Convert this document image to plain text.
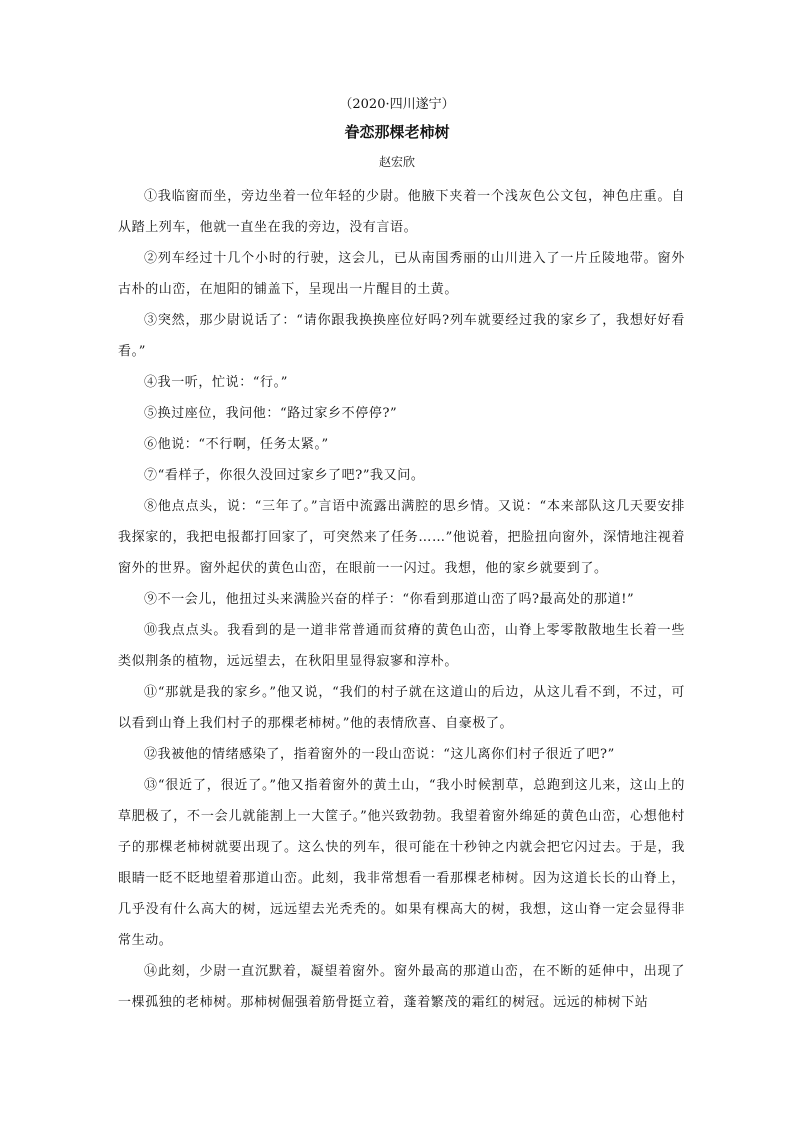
（2020·四川遂宁）
眷恋那棵老柿树
赵宏欣

①我临窗而坐，旁边坐着一位年轻的少尉。他腋下夹着一个浅灰色公文包，神色庄重。自从踏上列车，他就一直坐在我的旁边，没有言语。

②列车经过十几个小时的行驶，这会儿，已从南国秀丽的山川进入了一片丘陵地带。窗外古朴的山峦，在旭阳的铺盖下，呈现出一片醒目的土黄。

③突然，那少尉说话了：“请你跟我换换座位好吗?列车就要经过我的家乡了，我想好好看看。”

④我一听，忙说：“行。”

⑤换过座位，我问他：“路过家乡不停停?”

⑥他说：“不行啊，任务太紧。”

⑦“看样子，你很久没回过家乡了吧?”我又问。

⑧他点点头，说：“三年了。”言语中流露出满腔的思乡情。又说：“本来部队这几天要安排我探家的，我把电报都打回家了，可突然来了任务……”他说着，把脸扭向窗外，深情地注视着窗外的世界。窗外起伏的黄色山峦，在眼前一一闪过。我想，他的家乡就要到了。

⑨不一会儿，他扭过头来满脸兴奋的样子：“你看到那道山峦了吗?最高处的那道!”

⑩我点点头。我看到的是一道非常普通而贫瘠的黄色山峦，山脊上零零散散地生长着一些类似荆条的植物，远远望去，在秋阳里显得寂寥和淳朴。

⑪“那就是我的家乡。”他又说，“我们的村子就在这道山的后边，从这儿看不到，不过，可以看到山脊上我们村子的那棵老柿树。”他的表情欣喜、自豪极了。

⑫我被他的情绪感染了，指着窗外的一段山峦说：“这儿离你们村子很近了吧?”

⑬“很近了，很近了。”他又指着窗外的黄土山，“我小时候割草，总跑到这儿来，这山上的草肥极了，不一会儿就能割上一大筐子。”他兴致勃勃。我望着窗外绵延的黄色山峦，心想他村子的那棵老柿树就要出现了。这么快的列车，很可能在十秒钟之内就会把它闪过去。于是，我眼睛一眨不眨地望着那道山峦。此刻，我非常想看一看那棵老柿树。因为这道长长的山脊上，几乎没有什么高大的树，远远望去光秃秃的。如果有棵高大的树，我想，这山脊一定会显得非常生动。

⑭此刻，少尉一直沉默着，凝望着窗外。窗外最高的那道山峦，在不断的延伸中，出现了一棵孤独的老柿树。那柿树倔强着筋骨挺立着，蓬着繁茂的霜红的树冠。远远的柿树下站
